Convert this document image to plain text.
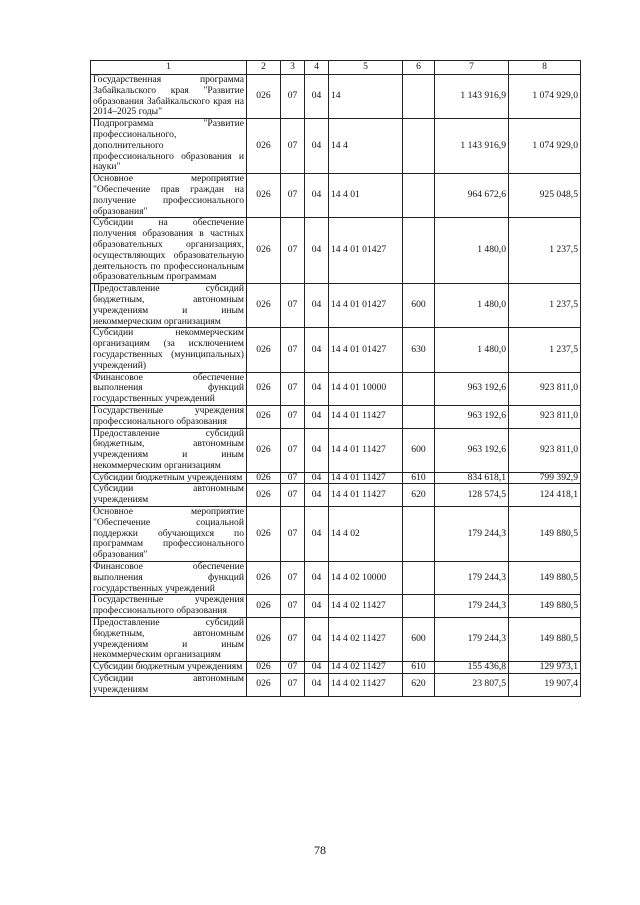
1	2	3	4	5	6	7	8
Государственная программа Забайкальского края "Развитие образования Забайкальского края на 2014–2025 годы"	026	07	04	14		1 143 916,9	1 074 929,0
Подпрограмма "Развитие профессионального, дополнительного профессионального образования и науки"	026	07	04	14 4		1 143 916,9	1 074 929,0
Основное мероприятие "Обеспечение прав граждан на получение профессионального образования"	026	07	04	14 4 01		964 672,6	925 048,5
Субсидии на обеспечение получения образования в частных образовательных организациях, осуществляющих образовательную деятельность по профессиональным образовательным программам	026	07	04	14 4 01 01427		1 480,0	1 237,5
Предоставление субсидий бюджетным, автономным учреждениям и иным некоммерческим организациям	026	07	04	14 4 01 01427	600	1 480,0	1 237,5
Субсидии некоммерческим организациям (за исключением государственных (муниципальных) учреждений)	026	07	04	14 4 01 01427	630	1 480,0	1 237,5
Финансовое обеспечение выполнения функций государственных учреждений	026	07	04	14 4 01 10000		963 192,6	923 811,0
Государственные учреждения профессионального образования	026	07	04	14 4 01 11427		963 192,6	923 811,0
Предоставление субсидий бюджетным, автономным учреждениям и иным некоммерческим организациям	026	07	04	14 4 01 11427	600	963 192,6	923 811,0
Субсидии бюджетным учреждениям	026	07	04	14 4 01 11427	610	834 618,1	799 392,9
Субсидии автономным учреждениям	026	07	04	14 4 01 11427	620	128 574,5	124 418,1
Основное мероприятие "Обеспечение социальной поддержки обучающихся по программам профессионального образования"	026	07	04	14 4 02		179 244,3	149 880,5
Финансовое обеспечение выполнения функций государственных учреждений	026	07	04	14 4 02 10000		179 244,3	149 880,5
Государственные учреждения профессионального образования	026	07	04	14 4 02 11427		179 244,3	149 880,5
Предоставление субсидий бюджетным, автономным учреждениям и иным некоммерческим организациям	026	07	04	14 4 02 11427	600	179 244,3	149 880,5
Субсидии бюджетным учреждениям	026	07	04	14 4 02 11427	610	155 436,8	129 973,1
Субсидии автономным учреждениям	026	07	04	14 4 02 11427	620	23 807,5	19 907,4
78
